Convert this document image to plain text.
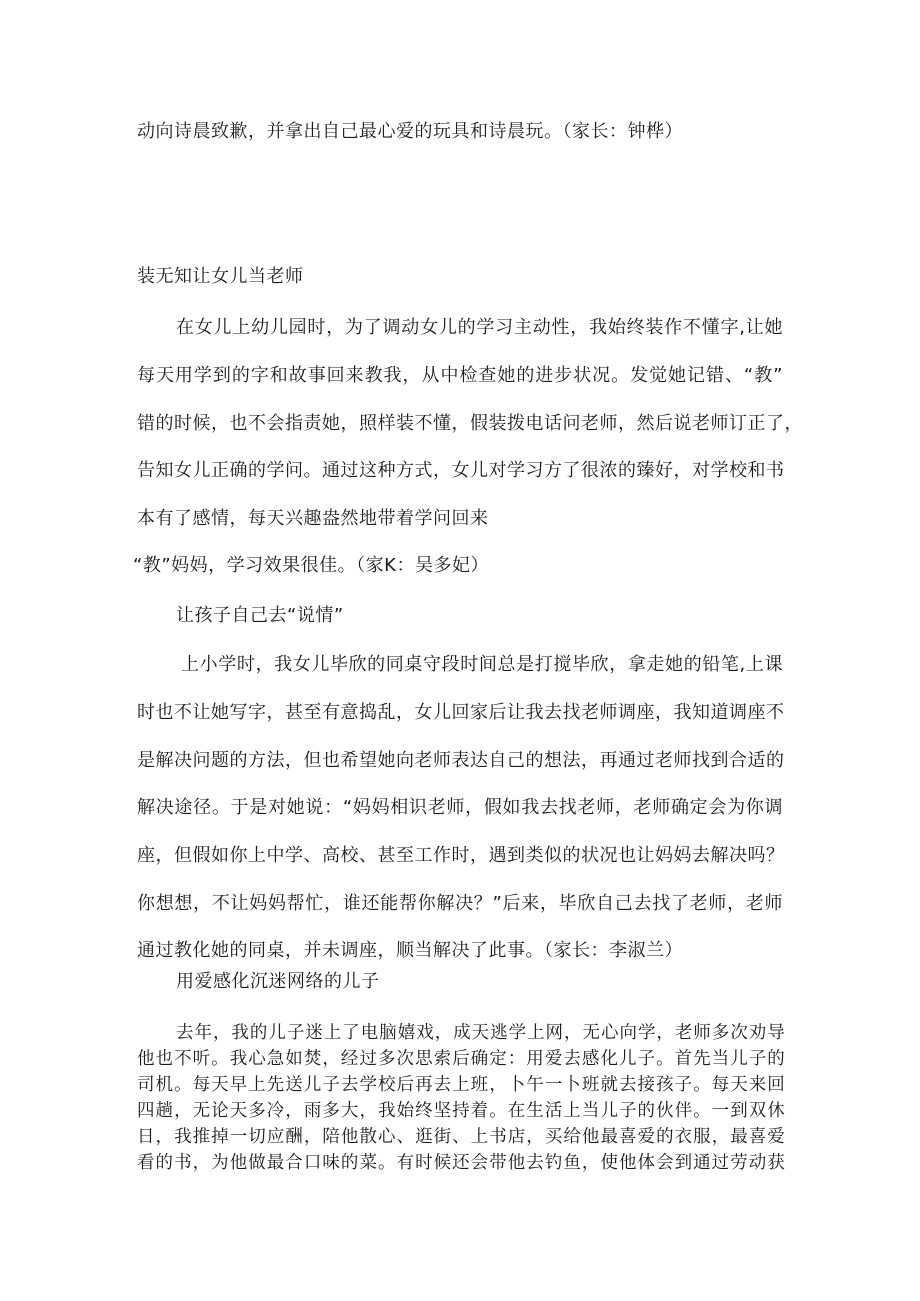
动向诗晨致歉，并拿出自己最心爱的玩具和诗晨玩。（家长：钟桦）
装无知让女儿当老师
在女儿上幼儿园时，为了调动女儿的学习主动性，我始终装作不懂字,让她
每天用学到的字和故事回来教我，从中检查她的进步状况。发觉她记错、“教”
错的时候，也不会指责她，照样装不懂，假装拨电话问老师，然后说老师订正了，
告知女儿正确的学问。通过这种方式，女儿对学习方了很浓的臻好，对学校和书
本有了感情，每天兴趣盎然地带着学问回来
“教”妈妈，学习效果很佳。（家K：吴多妃）
让孩子自己去“说情”
上小学时，我女儿毕欣的同桌守段时间总是打搅毕欣，拿走她的铅笔,上课
时也不让她写字，甚至有意捣乱，女儿回家后让我去找老师调座，我知道调座不
是解决问题的方法，但也希望她向老师表达自己的想法，再通过老师找到合适的
解决途径。于是对她说：“妈妈相识老师，假如我去找老师，老师确定会为你调
座，但假如你上中学、高校、甚至工作时，遇到类似的状况也让妈妈去解决吗？
你想想，不让妈妈帮忙，谁还能帮你解决？”后来，毕欣自己去找了老师，老师
通过教化她的同桌，并未调座，顺当解决了此事。（家长：李淑兰）
用爱感化沉迷网络的儿子
去年，我的儿子迷上了电脑嬉戏，成天逃学上网，无心向学，老师多次劝导
他也不听。我心急如焚，经过多次思索后确定：用爱去感化儿子。首先当儿子的
司机。每天早上先送儿子去学校后再去上班，卜午一卜班就去接孩子。每天来回
四趟，无论天多冷，雨多大，我始终坚持着。在生活上当儿子的伙伴。一到双休
日，我推掉一切应酬，陪他散心、逛街、上书店，买给他最喜爱的衣服，最喜爱
看的书，为他做最合口味的菜。有时候还会带他去钓鱼，使他体会到通过劳动获
